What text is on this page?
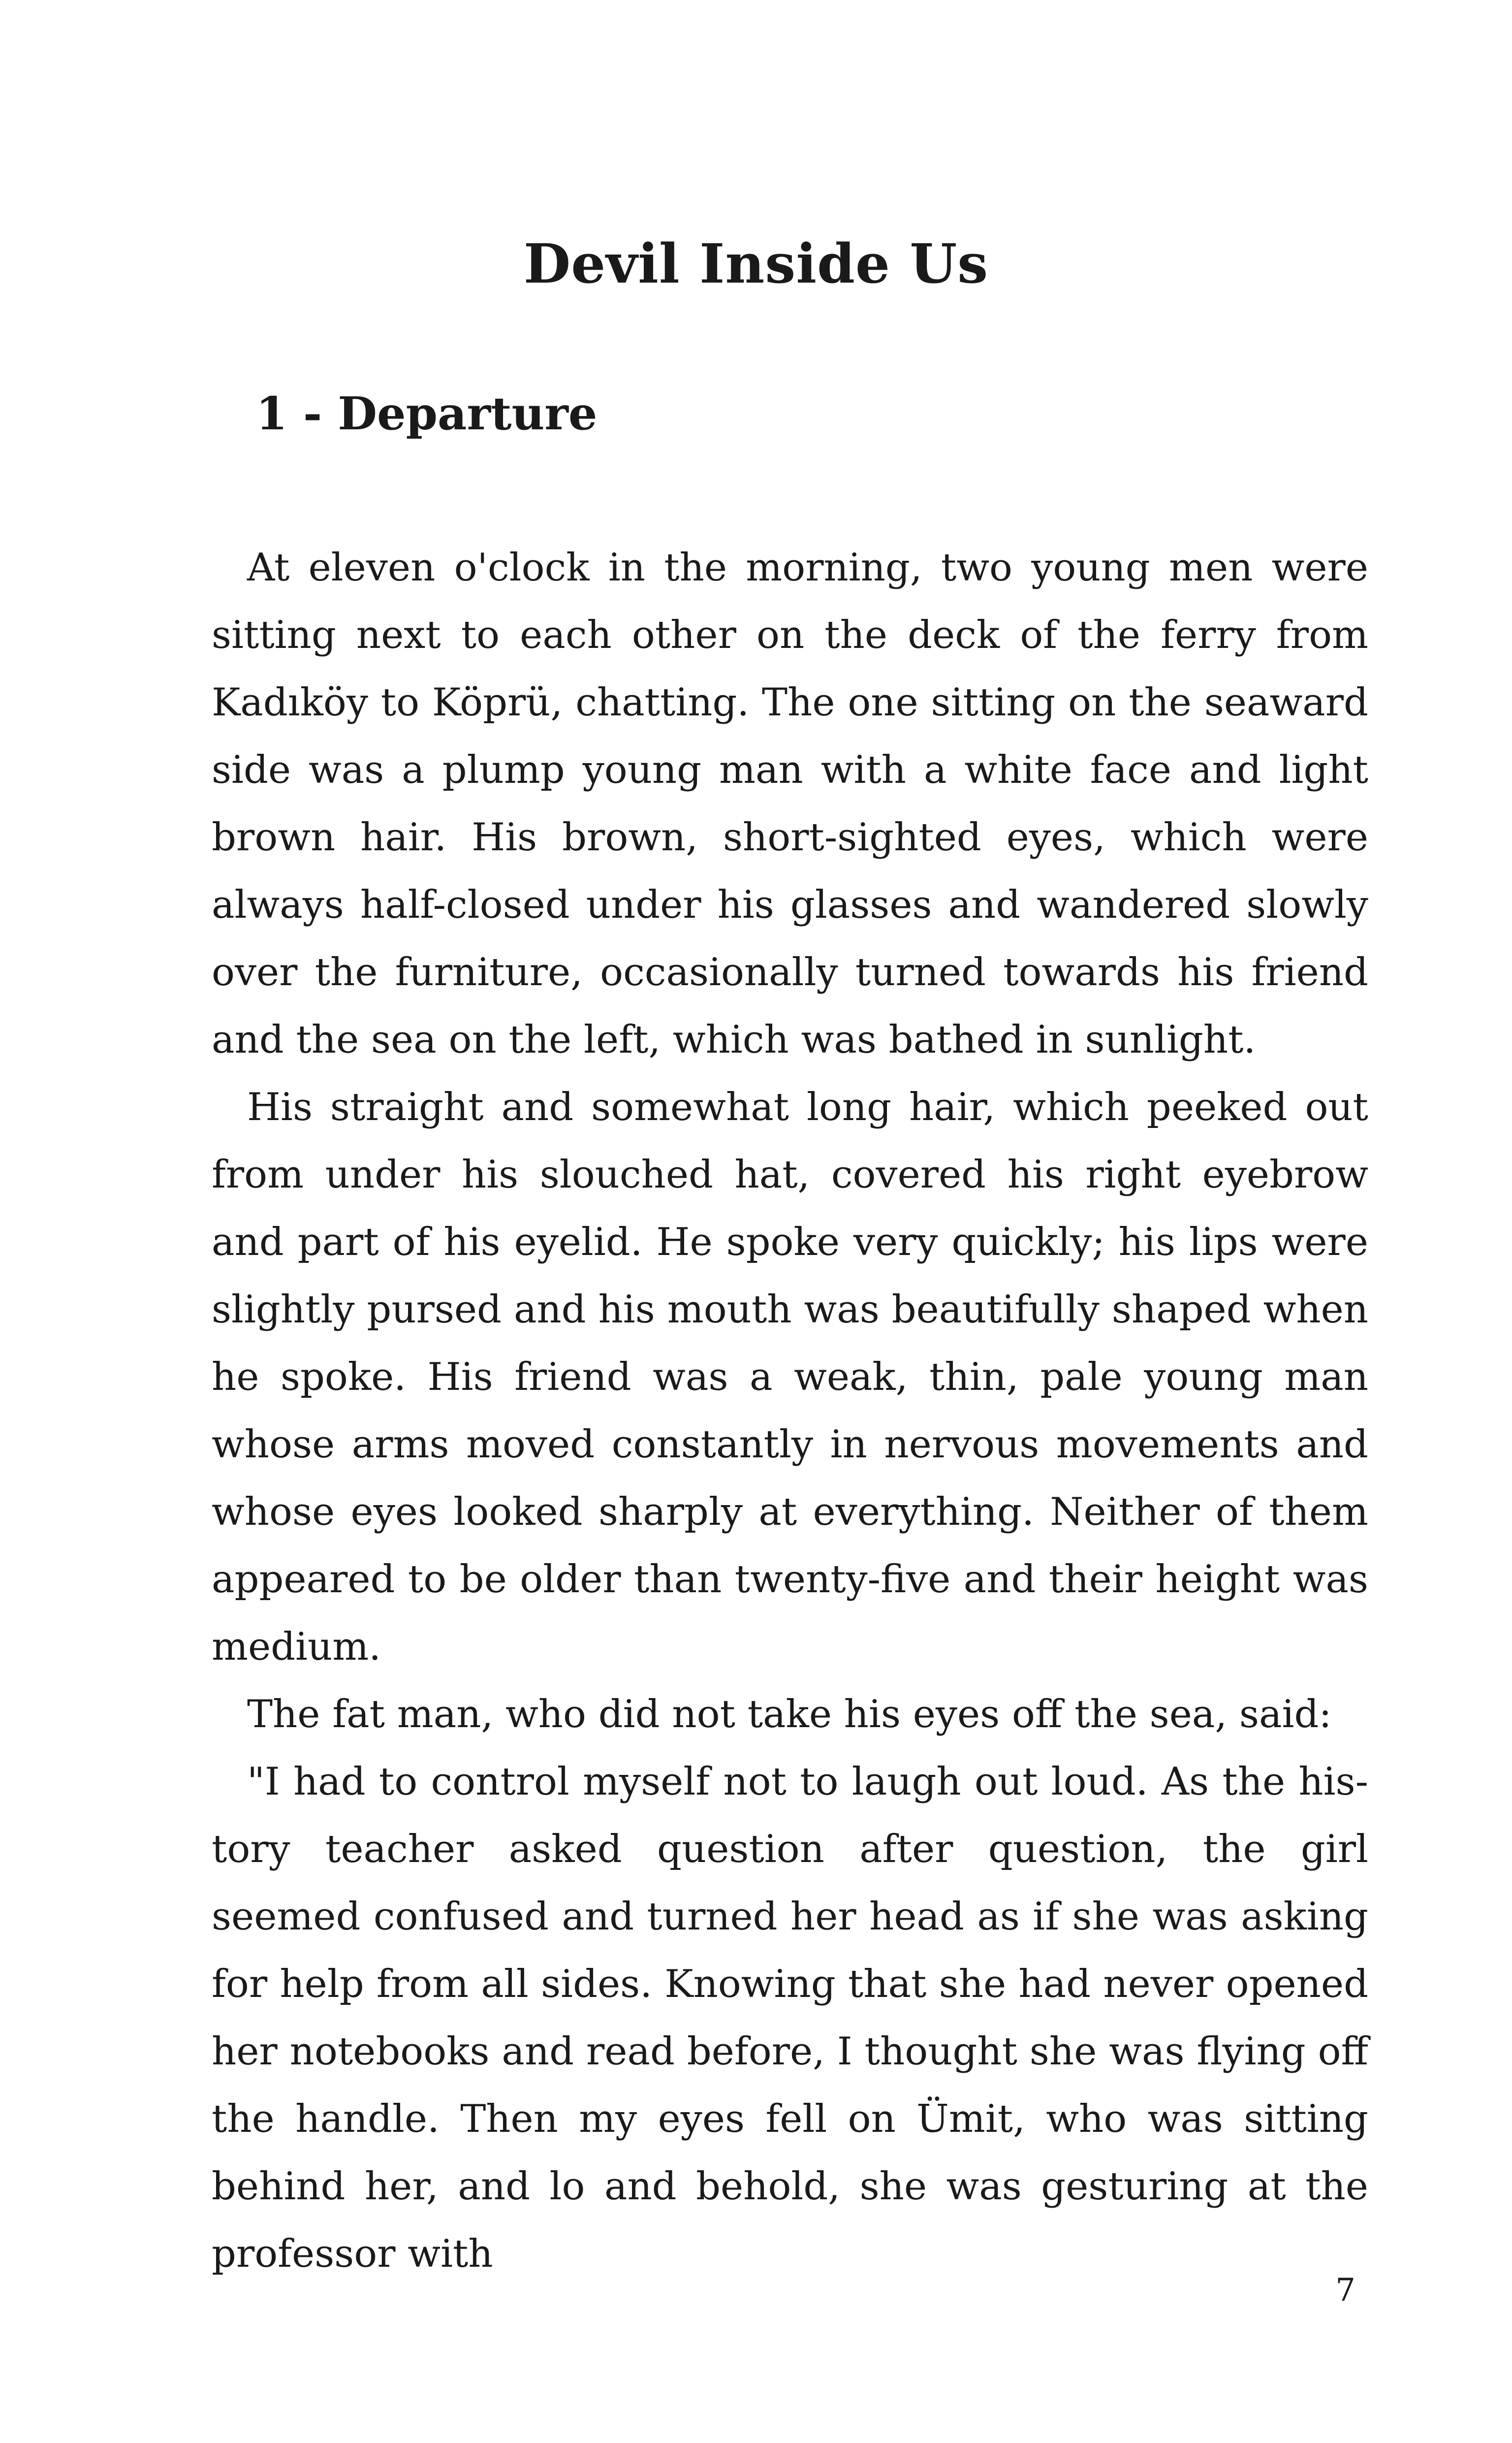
Devil Inside Us
1 - Departure

At eleven o'clock in the morning, two young men were sitting next to each other on the deck of the ferry from Kadıköy to Köprü, chatting. The one sitting on the seaward side was a plump young man with a white face and light brown hair. His brown, short-sighted eyes, which were always half-closed under his glasses and wandered slowly over the furniture, occasionally turned towards his friend and the sea on the left, which was bathed in sunlight.

His straight and somewhat long hair, which peeked out from under his slouched hat, covered his right eyebrow and part of his eyelid. He spoke very quickly; his lips were slightly pursed and his mouth was beautifully shaped when he spoke. His friend was a weak, thin, pale young man whose arms moved constantly in nervous movements and whose eyes looked sharply at everything. Neither of them appeared to be older than twenty-five and their height was medium.

The fat man, who did not take his eyes off the sea, said:

"I had to control myself not to laugh out loud. As the history teacher asked question after question, the girl seemed confused and turned her head as if she was asking for help from all sides. Knowing that she had never opened her notebooks and read before, I thought she was flying off the handle. Then my eyes fell on Ümit, who was sitting behind her, and lo and behold, she was gesturing at the professor with

7
